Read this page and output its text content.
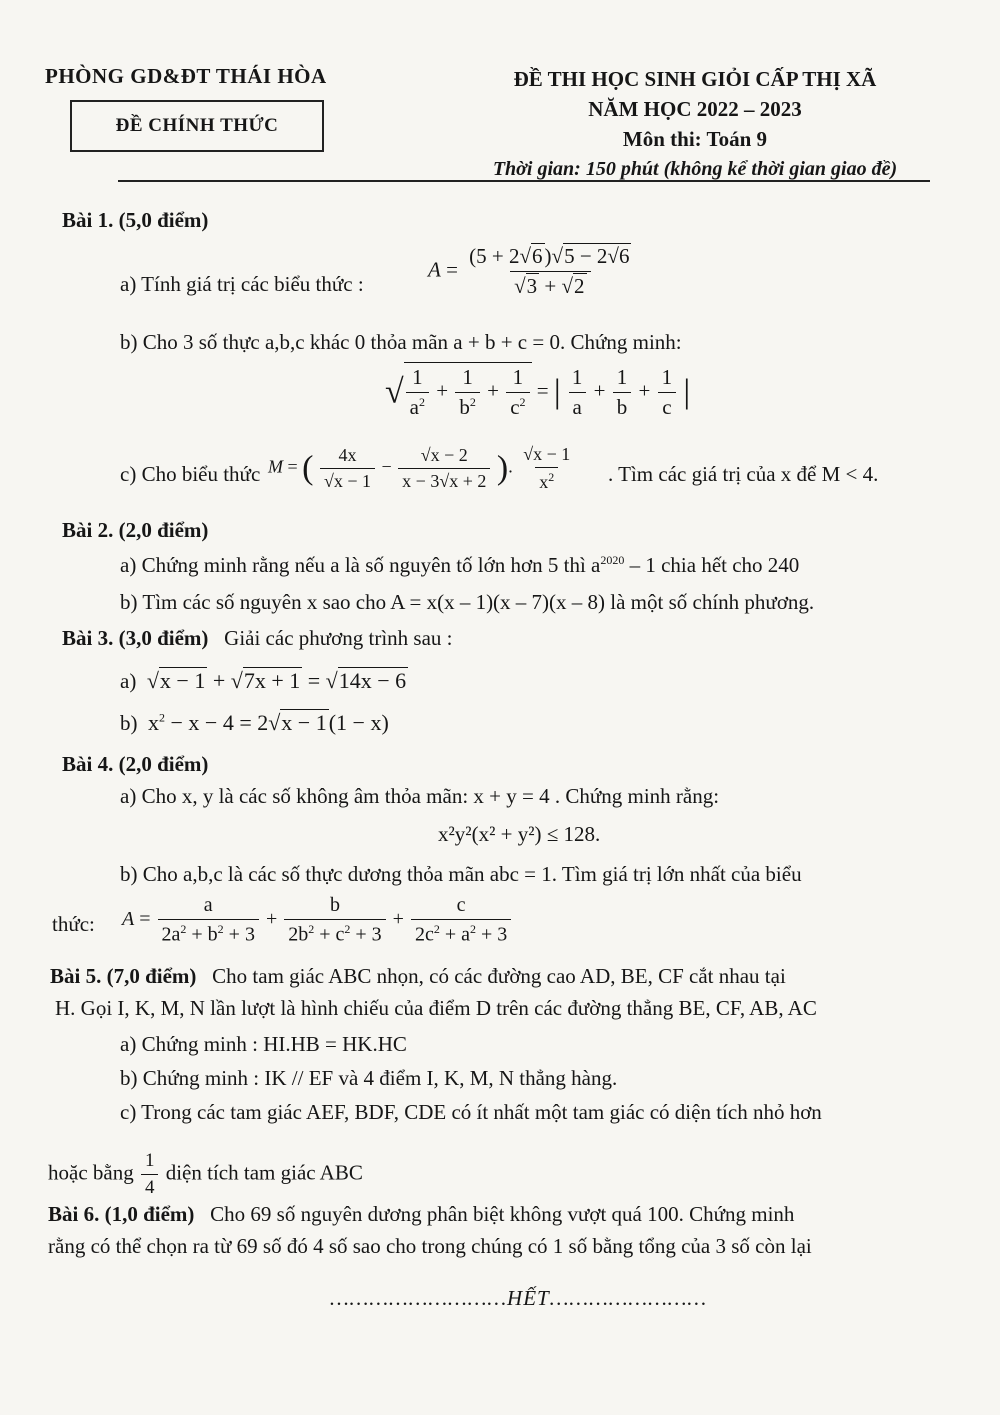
PHÒNG GD&ĐT THÁI HÒA
ĐỀ CHÍNH THỨC
ĐỀ THI HỌC SINH GIỎI CẤP THỊ XÃ
NĂM HỌC 2022 – 2023
Môn thi: Toán 9
Thời gian: 150 phút (không kể thời gian giao đề)
Bài 1. (5,0 điểm)
a) Tính giá trị các biểu thức :
$A = \frac{(5 + 2√6)√5 - 2√6}{√3 + √2}$
b) Cho 3 số thực a,b,c khác 0 thỏa mãn a + b + c = 0. Chứng minh:
√ $\frac{1}{a^2} + \frac{1}{b^2} + \frac{1}{c^2}$ = | $\frac{1}{a} + \frac{1}{b} + \frac{1}{c}$ |
c) Cho biểu thức M = ( $\frac{4x}{√x - 1} - \frac{√x - 2}{x - 3√x + 2}$ ). $\frac{√x - 1}{x^2}$ . Tìm các giá trị của x để M < 4.
Bài 2. (2,0 điểm)
a) Chứng minh rằng nếu a là số nguyên tố lớn hơn 5 thì $a^{2020} - 1$ chia hết cho 240
b) Tìm các số nguyên x sao cho A = x(x – 1)(x – 7)(x – 8) là một số chính phương.
Bài 3. (3,0 điểm) Giải các phương trình sau :
a) √x − 1 + √7x + 1 = √14x − 6
b) $x^2 - x - 4 = 2√x - 1(1 - x)$
Bài 4. (2,0 điểm)
a) Cho x, y là các số không âm thỏa mãn: x + y = 4 . Chứng minh rằng:
x²y²(x² + y²) ≤ 128.
b) Cho a,b,c là các số thực dương thỏa mãn abc = 1. Tìm giá trị lớn nhất của biểu
thức: $A = \frac{a}{2a^2 + b^2 + 3} + \frac{b}{2b^2 + c^2 + 3} + \frac{c}{2c^2 + a^2 + 3}$
Bài 5. (7,0 điểm) Cho tam giác ABC nhọn, có các đường cao AD, BE, CF cắt nhau tại
H. Gọi I, K, M, N lần lượt là hình chiếu của điểm D trên các đường thẳng BE, CF, AB, AC
a) Chứng minh : HI.HB = HK.HC
b) Chứng minh : IK // EF và 4 điểm I, K, M, N thẳng hàng.
c) Trong các tam giác AEF, BDF, CDE có ít nhất một tam giác có diện tích nhỏ hơn
hoặc bằng $\frac{1}{4}$ diện tích tam giác ABC
Bài 6. (1,0 điểm) Cho 69 số nguyên dương phân biệt không vượt quá 100. Chứng minh
rằng có thể chọn ra từ 69 số đó 4 số sao cho trong chúng có 1 số bằng tổng của 3 số còn lại
………………………HẾT……………………
